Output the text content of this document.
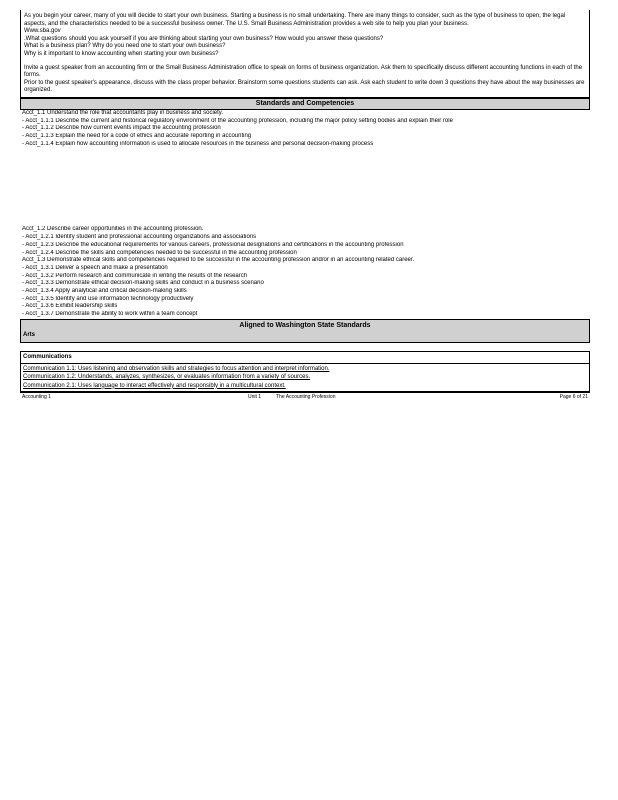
As you begin your career, many of you will decide to start your own business. Starting a business is no small undertaking. There are many things to consider, such as the type of business to open, the legal aspects, and the characteristics needed to be a successful business owner. The U.S. Small Business Administration provides a web site to help you plan your business.

Www.sba.gov

.What questions should you ask yourself if you are thinking about starting your own business? How would you answer these questions?

What is a business plan? Why do you need one to start your own business?

Why is it important to know accounting when starting your own business?

Invite a guest speaker from an accounting firm or the Small Business Administration office to speak on forms of business organization. Ask them to specifically discuss different accounting functions in each of the forms.

Prior to the guest speaker's appearance, discuss with the class proper behavior. Brainstorm some questions students can ask. Ask each student to write down 3 questions they have about the way businesses are organized.

Standards and Competencies

Acct_1.1 Understand the role that accountants play in business and society.

- Acct_1.1.1 Describe the current and historical regulatory environment of the accounting profession, including the major policy setting bodies and explain their role

- Acct_1.1.2 Describe how current events impact the accounting profession

- Acct_1.1.3 Explain the need for a code of ethics and accurate reporting in accounting

- Acct_1.1.4 Explain how accounting information is used to allocate resources in the business and personal decision-making process

Acct_1.2 Describe career opportunities in the accounting profession.

- Acct_1.2.1 Identify student and professional accounting organizations and associations

- Acct_1.2.3 Describe the educational requirements for various careers, professional designations and certifications in the accounting profession

- Acct_1.2.4 Describe the skills and competencies needed to be successful in the accounting profession

Acct_1.3 Demonstrate ethical skills and competencies required to be successful in the accounting profession and/or in an accounting related career.

- Acct_1.3.1 Deliver a speech and make a presentation

- Acct_1.3.2 Perform research and communicate in writing the results of the research

- Acct_1.3.3 Demonstrate ethical decision-making skills and conduct in a business scenario

- Acct_1.3.4 Apply analytical and critical decision-making skills

- Acct_1.3.5 Identify and use information technology productively

- Acct_1.3.6 Exhibit leadership skills

- Acct_1.3.7 Demonstrate the ability to work within a team concept

Aligned to Washington State Standards
Arts
Communications

Communication 1.1: Uses listening and observation skills and strategies to focus attention and interpret information.

Communication 1.2: Understands, analyzes, synthesizes, or evaluates information from a variety of sources.

Communication 2.1: Uses language to interact effectively and responsibly in a multicultural context.

Accounting 1	Unit 1	The Accounting Profession	Page 6 of 21
